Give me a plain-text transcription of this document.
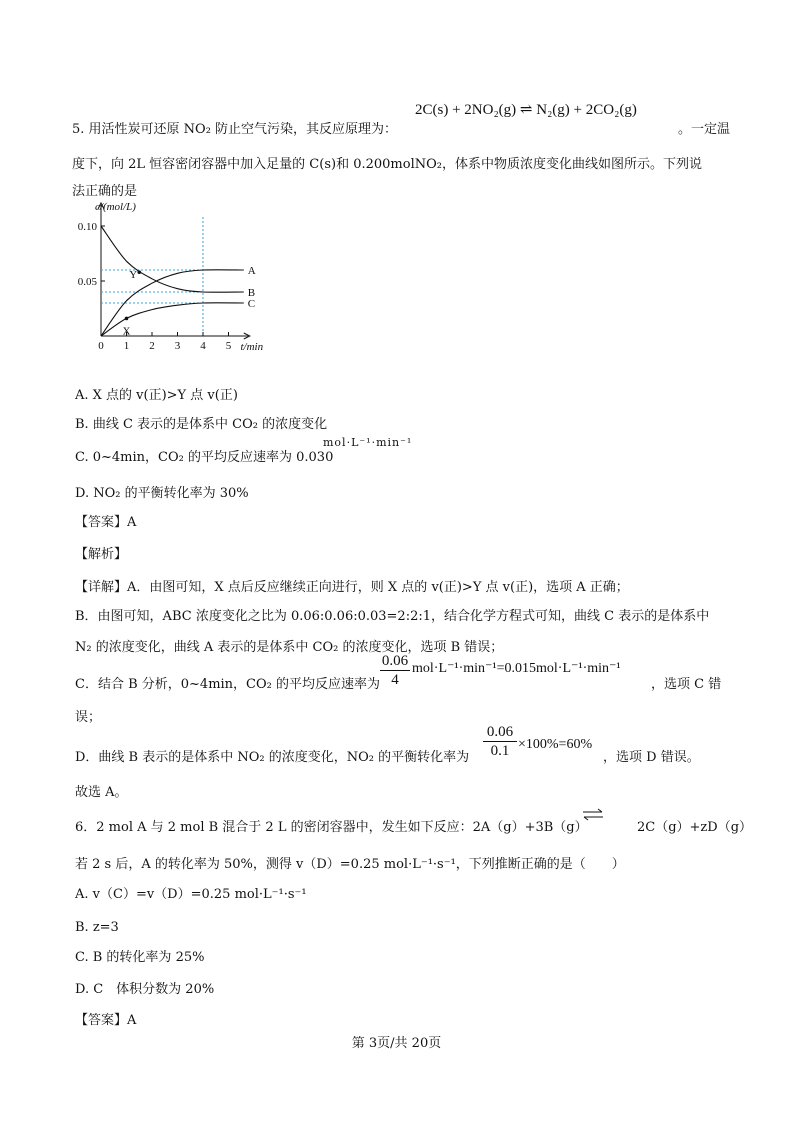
2C(s) + 2NO₂(g) ⇌ N₂(g) + 2CO₂(g)
5. 用活性炭可还原 NO₂ 防止空气污染，其反应原理为：	。一定温
度下，向 2L 恒容密闭容器中加入足量的 C(s)和 0.200molNO₂，体系中物质浓度变化曲线如图所示。下列说
法正确的是
0 1 2 3 4 5
0.10
0.05
c/(mol/L)
t/min
A
B
C
X
Y
A. X 点的 v(正)>Y 点 v(正)
B. 曲线 C 表示的是体系中 CO₂ 的浓度变化
C. 0~4min，CO₂ 的平均反应速率为 0.030
mol·L⁻¹·min⁻¹
D. NO₂ 的平衡转化率为 30%
【答案】A
【解析】
【详解】A．由图可知，X 点后反应继续正向进行，则 X 点的 v(正)>Y 点 v(正)，选项 A 正确；
B．由图可知，ABC 浓度变化之比为 0.06:0.06:0.03=2:2:1，结合化学方程式可知，曲线 C 表示的是体系中
N₂ 的浓度变化，曲线 A 表示的是体系中 CO₂ 的浓度变化，选项 B 错误；
C．结合 B 分析，0~4min，CO₂ 的平均反应速率为
0.06
4
mol·L⁻¹·min⁻¹=0.015mol·L⁻¹·min⁻¹
，选项 C 错
误；
D．曲线 B 表示的是体系中 NO₂ 的浓度变化，NO₂ 的平衡转化率为
0.06
0.1 ×100%=60%
，选项 D 错误。
故选 A。
6．2 mol A 与 2 mol B 混合于 2 L 的密闭容器中，发生如下反应：2A（g）+3B（g）	2C（g）+zD（g）
若 2 s 后，A 的转化率为 50%，测得 v（D）=0.25 mol·L⁻¹·s⁻¹，下列推断正确的是（　　）
A. v（C）=v（D）=0.25 mol·L⁻¹·s⁻¹
B. z=3
C. B 的转化率为 25%
D. C　体积分数为 20%
【答案】A
第 3页/共 20页
